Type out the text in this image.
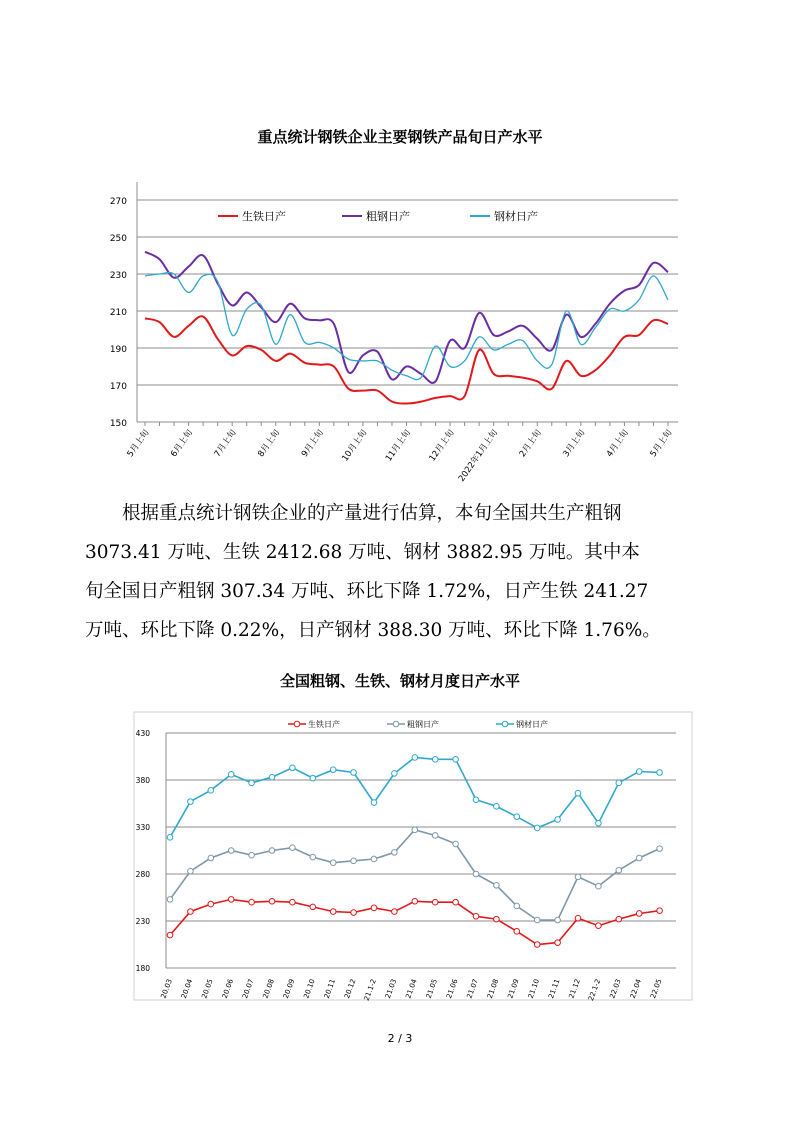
重点统计钢铁企业主要钢铁产品旬日产水平
150
170
190
210
230
250
270
5月上旬 6月上旬 7月上旬 8月上旬 9月上旬 10月上旬 11月上旬 12月上旬 2022年1月上旬 2月上旬 3月上旬 4月上旬 5月上旬
生铁日产	粗钢日产	钢材日产

根据重点统计钢铁企业的产量进行估算，本旬全国共生产粗钢

3073.41 万吨、生铁 2412.68 万吨、钢材 3882.95 万吨。其中本

旬全国日产粗钢 307.34 万吨、环比下降 1.72%，日产生铁 241.27

万吨、环比下降 0.22%，日产钢材 388.30 万吨、环比下降 1.76%。

全国粗钢、生铁、钢材月度日产水平
180
230
280
330
380
430
20.03 20.04 20.05 20.06 20.07 20.08 20.09 20.10 20.11 20.12 21.1-2 21.03 21.04 21.05 21.06 21.07 21.08 21.09 21.10 21.11 21.12 22.1-2 22.03 22.04 22.05
生铁日产	粗钢日产	钢材日产
2 / 3
